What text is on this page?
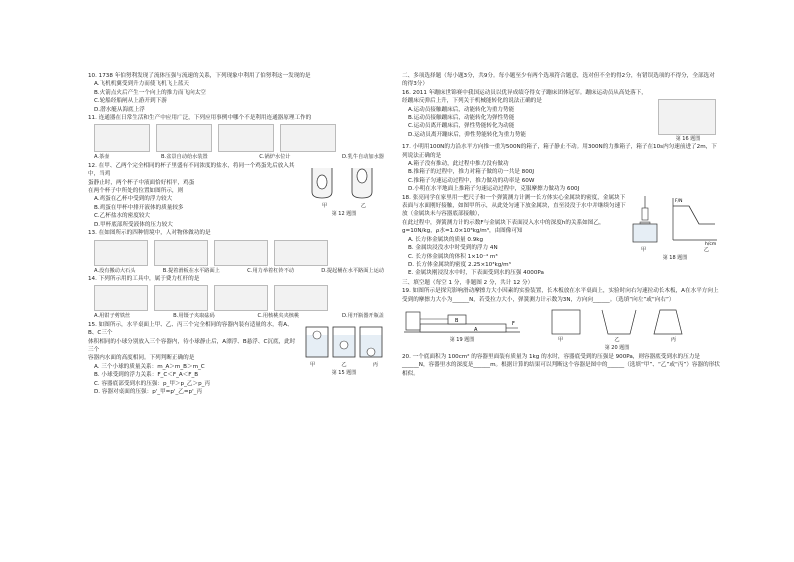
10. 1738 年伯努利发现了流体压强与流速的关系，下列现象中利用了伯努利这一发现的是

A.飞机机翼受到升力而使飞机飞上蓝天

B.火箭点火后产生一个向上的推力而飞向太空

C.轮船经船闸从上游开到下游

D.潜水艇从海底上浮

11. 连通器在日常生活和生产中应用广泛，下列应用事例中哪个不是利用连通器原理工作的

A.茶壶	B.盆景自动给水装置	C.锅炉水位计	D.乳牛自动加水器

12. 在甲、乙两个完全相同的杯子里盛有不同浓度的盐水，将同一个鸡蛋先后放入其中，当鸡

蛋静止时，两个杯子中液面恰好相平，鸡蛋

在两个杯子中所处的位置如图所示，则

A.鸡蛋在乙杯中受到的浮力较大

B.鸡蛋在甲杯中排开液体的质量较多

C.乙杯盐水的密度较大

D.甲杯底部所受液体的压力较大

甲	乙
第 12 题图

13. 在如图所示的四种情境中，人对物体做功的是

A.没有搬动大石头	B.提着滑板在水平路面上	C.用力举着杠铃不动	D.提起桶在水平路面上运动

14. 下列所示用的工具中，属于费力杠杆的是

A.用钳子剪铁丝	B.用镊子夹取砝码	C.用核桃夹夹核桃	D.用开瓶器开瓶盖

15. 如图所示，水平桌面上甲、乙、丙三个完全相同的容器内装有适量的水，将A、B、C三个

体积相同的小球分别放入三个容器内，待小球静止后，A漂浮、B悬浮、C沉底，此时三个

容器内水面的高度相同。下列判断正确的是

A. 三个小球的质量关系：m_A＞m_B＞m_C

B. 小球受到的浮力关系：F_C＜F_A＜F_B

C. 容器底部受到水的压强：p_甲＞p_乙＞p_丙

D. 容器对桌面的压强：p'_甲=p'_乙=p'_丙

甲	乙	丙
第 15 题图

二、多项选择题（每小题3分，共9分。每小题至少有两个选项符合题意，选对但不全的得2分，有错误选项的不得分，全部选对的得3分）

16. 2011 年蹦床世锦赛中我国运动员以优异成绩夺得女子蹦床团体冠军。蹦床运动员从高处落下，经蹦床反弹后上升，下列关于机械能转化的说法正确的是

A.运动员接触蹦床后，动能转化为重力势能

B.运动员接触蹦床后，动能转化为弹性势能

C.运动员离开蹦床后，弹性势能转化为动能

D.运动员离开蹦床后，弹性势能转化为重力势能

第 16 题图

17. 小明用100N的力沿水平方向推一重为500N的箱子，箱子静止不动。用300N的力推箱子，箱子在10s内匀速前进了2m，下列说法正确的是

A.箱子没有推动，此过程中推力没有做功

B.推箱子的过程中，推力对箱子做的功一共是 800J

C.推箱子匀速运动过程中，推力做功的功率是 60W

D.小明在水平地面上推箱子匀速运动过程中，克服摩擦力做功为 600J

18. 张亮同学在家里用一把尺子和一个弹簧测力计测一长方体实心金属块的密度，金属块下表面与水面刚好接触，如图甲所示，从此处匀速下放金属块，直至浸没于水中并继续匀速下放（金属块未与容器底部接触），

在此过程中，弹簧测力计的示数F与金属块下表面浸入水中的深度h的关系如图乙，g=10N/kg，ρ水=1.0×10³kg/m³，由图像可知

A. 长方体金属块的质量 0.9kg

B. 金属块浸没水中时受到的浮力 4N

C. 长方体金属块的体积 1×10⁻⁴ m³

D. 长方体金属块的密度 2.25×10³kg/m³

E. 金属块刚浸没水中时，下表面受到水的压强 4000Pa

F/N
h/cm
甲	乙
第 18 题图

三、填空题（每空 1 分，非题图 2 分，共计 12 分）

19. 如图所示是探究影响滑动摩擦力大小因素的实验装置，长木板放在水平桌面上，实验时向右匀速拉动长木板，A在水平方向上受到的摩擦力大小为______N，若受拉力大小，弹簧测力计示数为3N，方向向______。（选填“向左”或“向右”）

B
A
F
第 19 题图	甲	乙	丙
第 20 题图

20. 一个底面积为 100cm² 的容器里面装有质量为 1kg 的水时，容器底受到的压强是 900Pa，则容器底受到水的压力是______N，容器里水的深度是______m。根据计算的结果可以判断这个容器是图中的______（选填“甲”、“乙”或“丙”）容器的形状相似。
